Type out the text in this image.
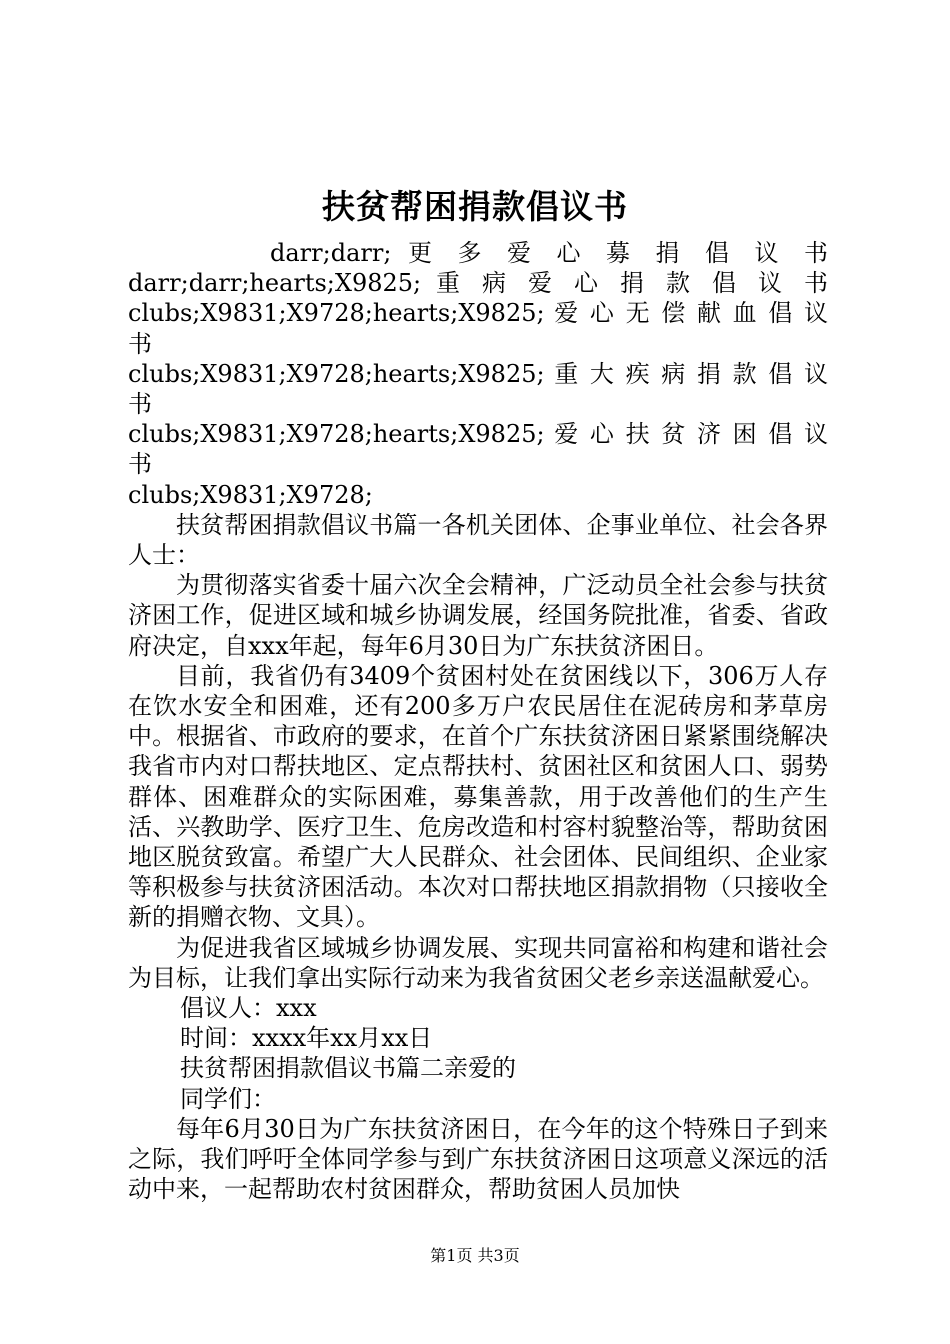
扶贫帮困捐款倡议书
darr;darr; 更 多 爱 心 募 捐 倡 议 书
darr;darr;hearts;X9825; 重 病 爱 心 捐 款 倡 议 书
clubs;X9831;X9728;hearts;X9825; 爱 心 无 偿 献 血 倡 议 书
clubs;X9831;X9728;hearts;X9825; 重 大 疾 病 捐 款 倡 议 书
clubs;X9831;X9728;hearts;X9825; 爱 心 扶 贫 济 困 倡 议 书
clubs;X9831;X9728;

扶贫帮困捐款倡议书篇一各机关团体、企事业单位、社会各界人士：

为贯彻落实省委十届六次全会精神，广泛动员全社会参与扶贫济困工作，促进区域和城乡协调发展，经国务院批准，省委、省政府决定，自xxx年起，每年6月30日为广东扶贫济困日。

目前，我省仍有3409个贫困村处在贫困线以下，306万人存在饮水安全和困难，还有200多万户农民居住在泥砖房和茅草房中。根据省、市政府的要求，在首个广东扶贫济困日紧紧围绕解决我省市内对口帮扶地区、定点帮扶村、贫困社区和贫困人口、弱势群体、困难群众的实际困难，募集善款，用于改善他们的生产生活、兴教助学、医疗卫生、危房改造和村容村貌整治等，帮助贫困地区脱贫致富。希望广大人民群众、社会团体、民间组织、企业家等积极参与扶贫济困活动。本次对口帮扶地区捐款捐物（只接收全新的捐赠衣物、文具）。

为促进我省区域城乡协调发展、实现共同富裕和构建和谐社会为目标，让我们拿出实际行动来为我省贫困父老乡亲送温献爱心。

倡议人：xxx

时间：xxxx年xx月xx日

扶贫帮困捐款倡议书篇二亲爱的

同学们：

每年6月30日为广东扶贫济困日，在今年的这个特殊日子到来之际，我们呼吁全体同学参与到广东扶贫济困日这项意义深远的活动中来，一起帮助农村贫困群众，帮助贫困人员加快

第1页 共3页
